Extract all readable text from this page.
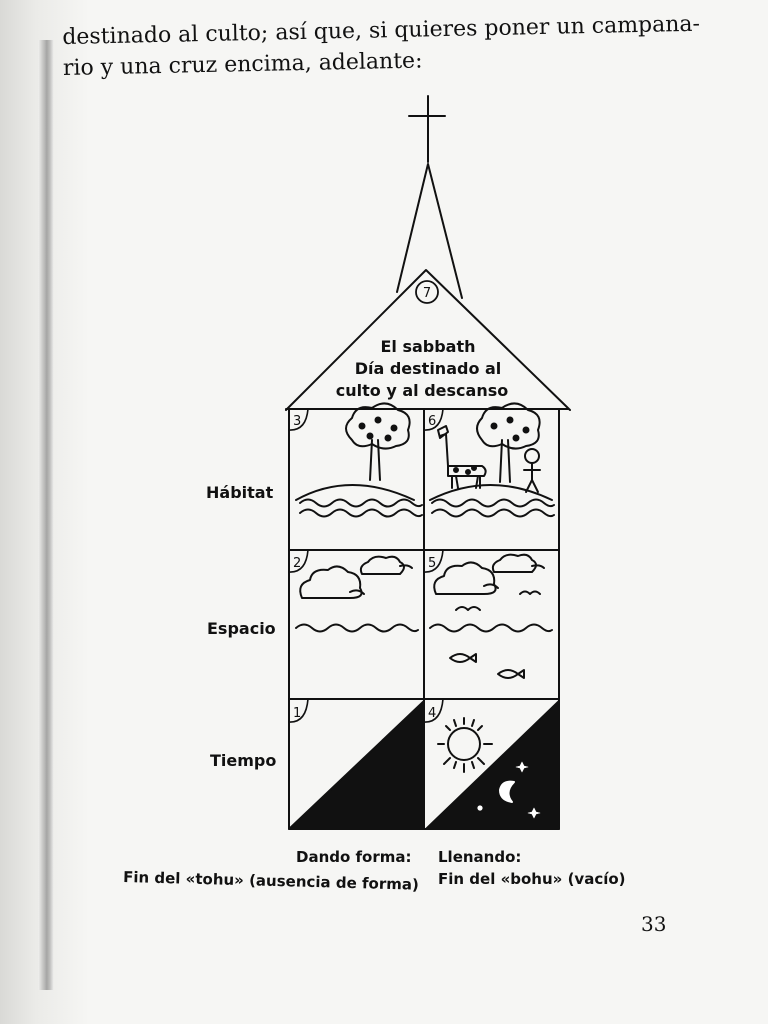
destinado al culto; así que, si quieres poner un campana-

rio y una cruz encima, adelante:

7
El sabbath
Día destinado al
culto y al descanso
3	6
2	5
1	4
Hábitat
Espacio
Tiempo
Dando forma:
Fin del «tohu» (ausencia de forma)
Llenando:
Fin del «bohu» (vacío)
33
